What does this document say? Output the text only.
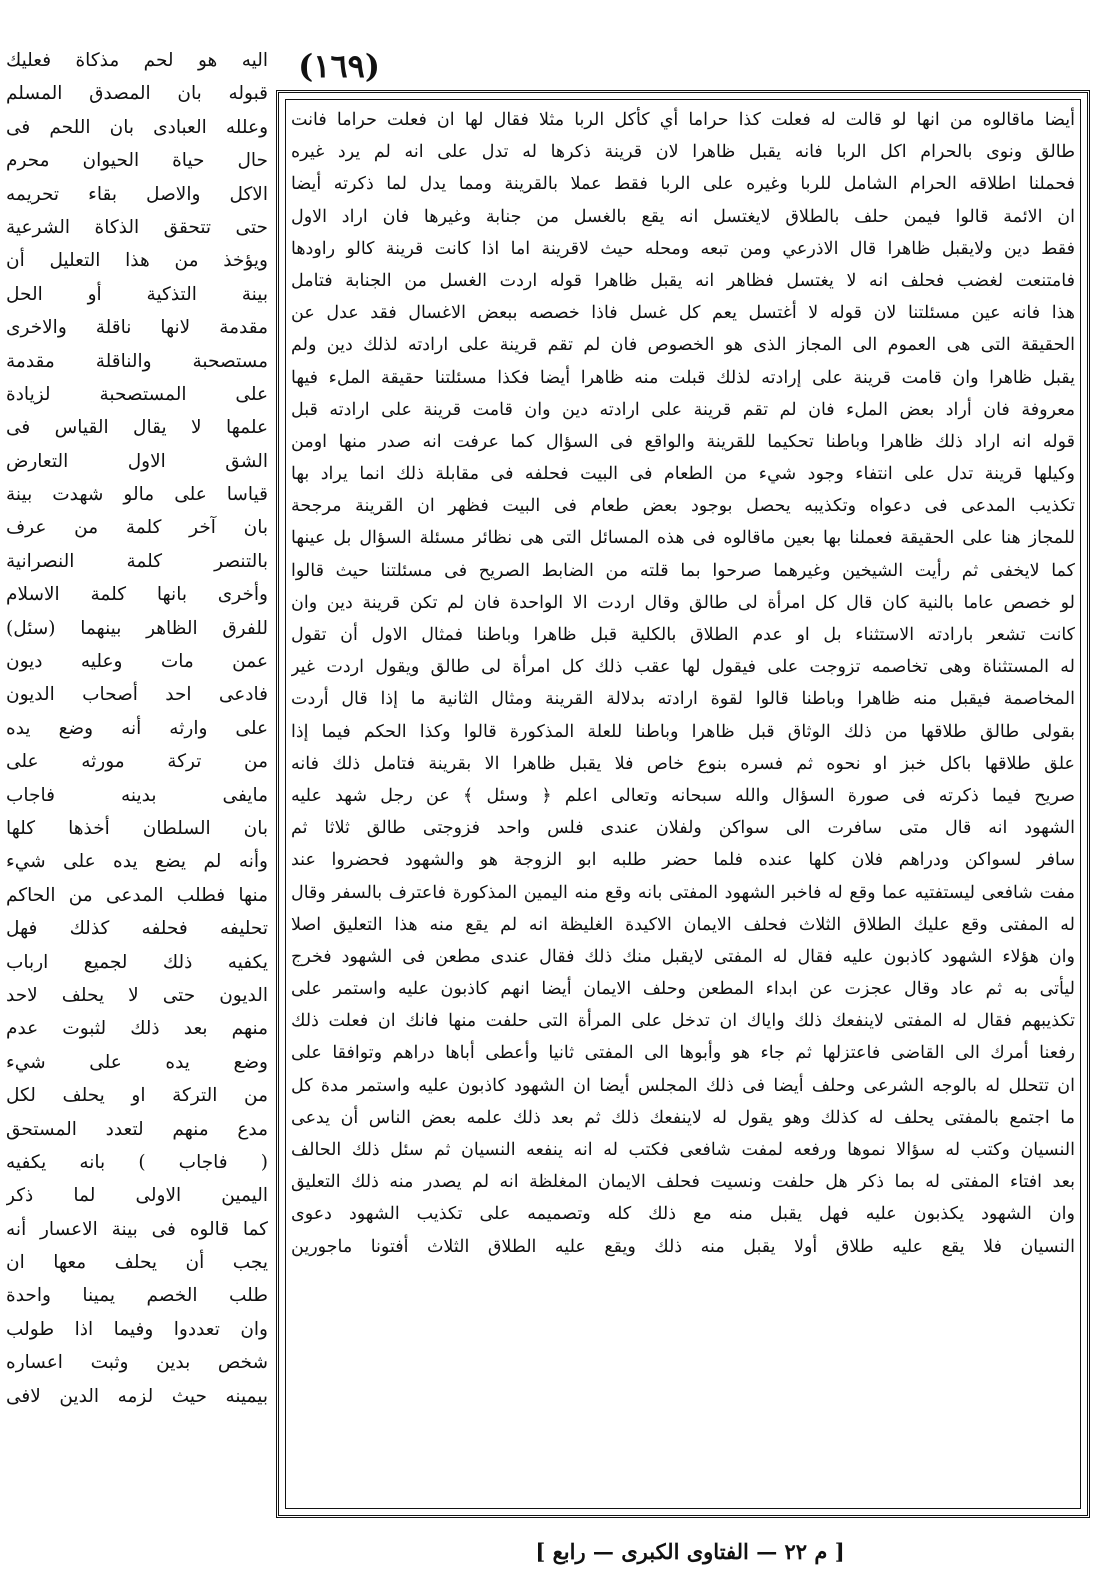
(١٦٩)
أيضا ماقالوه من انها لو قالت له فعلت كذا حراما أي كأكل الربا مثلا فقال لها ان فعلت حراما فانت
طالق ونوى بالحرام اكل الربا فانه يقبل ظاهرا لان قرينة ذكرها له تدل على انه لم يرد غيره
فحملنا اطلاقه الحرام الشامل للربا وغيره على الربا فقط عملا بالقرينة ومما يدل لما ذكرته أيضا
ان الائمة قالوا فيمن حلف بالطلاق لايغتسل انه يقع بالغسل من جنابة وغيرها فان اراد الاول
فقط دين ولايقبل ظاهرا قال الاذرعي ومن تبعه ومحله حيث لاقرينة اما اذا كانت قرينة كالو راودها
فامتنعت لغضب فحلف انه لا يغتسل فظاهر انه يقبل ظاهرا قوله اردت الغسل من الجنابة فتامل
هذا فانه عين مسئلتنا لان قوله لا أغتسل يعم كل غسل فاذا خصصه ببعض الاغسال فقد عدل عن
الحقيقة التى هى العموم الى المجاز الذى هو الخصوص فان لم تقم قرينة على ارادته لذلك دين ولم
يقبل ظاهرا وان قامت قرينة على إرادته لذلك قبلت منه ظاهرا أيضا فكذا مسئلتنا حقيقة الملء فيها
معروفة فان أراد بعض الملء فان لم تقم قرينة على ارادته دين وان قامت قرينة على ارادته قبل
قوله انه اراد ذلك ظاهرا وباطنا تحكيما للقرينة والواقع فى السؤال كما عرفت انه صدر منها اومن
وكيلها قرينة تدل على انتفاء وجود شيء من الطعام فى البيت فحلفه فى مقابلة ذلك انما يراد بها
تكذيب المدعى فى دعواه وتكذيبه يحصل بوجود بعض طعام فى البيت فظهر ان القرينة مرجحة
للمجاز هنا على الحقيقة فعملنا بها بعين ماقالوه فى هذه المسائل التى هى نظائر مسئلة السؤال بل عينها
كما لايخفى ثم رأيت الشيخين وغيرهما صرحوا بما قلته من الضابط الصريح فى مسئلتنا حيث قالوا
لو خصص عاما بالنية كان قال كل امرأة لى طالق وقال اردت الا الواحدة فان لم تكن قرينة دين وان
كانت تشعر بارادته الاستثناء بل او عدم الطلاق بالكلية قبل ظاهرا وباطنا فمثال الاول أن تقول
له المستثناة وهى تخاصمه تزوجت على فيقول لها عقب ذلك كل امرأة لى طالق ويقول اردت غير
المخاصمة فيقبل منه ظاهرا وباطنا قالوا لقوة ارادته بدلالة القرينة ومثال الثانية ما إذا قال أردت
بقولى طالق طلاقها من ذلك الوثاق قبل ظاهرا وباطنا للعلة المذكورة قالوا وكذا الحكم فيما إذا
علق طلاقها باكل خبز او نحوه ثم فسره بنوع خاص فلا يقبل ظاهرا الا بقرينة فتامل ذلك فانه
صريح فيما ذكرته فى صورة السؤال والله سبحانه وتعالى اعلم ﴿ وسئل ﴾ عن رجل شهد عليه
الشهود انه قال متى سافرت الى سواكن ولفلان عندى فلس واحد فزوجتى طالق ثلاثا ثم
سافر لسواكن ودراهم فلان كلها عنده فلما حضر طلبه ابو الزوجة هو والشهود فحضروا عند
مفت شافعى ليستفتيه عما وقع له فاخبر الشهود المفتى بانه وقع منه اليمين المذكورة فاعترف بالسفر وقال
له المفتى وقع عليك الطلاق الثلاث فحلف الايمان الاكيدة الغليظة انه لم يقع منه هذا التعليق اصلا
وان هؤلاء الشهود كاذبون عليه فقال له المفتى لايقبل منك ذلك فقال عندى مطعن فى الشهود فخرج
ليأتى به ثم عاد وقال عجزت عن ابداء المطعن وحلف الايمان أيضا انهم كاذبون عليه واستمر على
تكذيبهم فقال له المفتى لاينفعك ذلك واياك ان تدخل على المرأة التى حلفت منها فانك ان فعلت ذلك
رفعنا أمرك الى القاضى فاعتزلها ثم جاء هو وأبوها الى المفتى ثانيا وأعطى أباها دراهم وتوافقا على
ان تتحلل له بالوجه الشرعى وحلف أيضا فى ذلك المجلس أيضا ان الشهود كاذبون عليه واستمر مدة كل
ما اجتمع بالمفتى يحلف له كذلك وهو يقول له لاينفعك ذلك ثم بعد ذلك علمه بعض الناس أن يدعى
النسيان وكتب له سؤالا نموها ورفعه لمفت شافعى فكتب له انه ينفعه النسيان ثم سئل ذلك الحالف
بعد افتاء المفتى له بما ذكر هل حلفت ونسيت فحلف الايمان المغلظة انه لم يصدر منه ذلك التعليق
وان الشهود يكذبون عليه فهل يقبل منه مع ذلك كله وتصميمه على تكذيب الشهود دعوى
النسيان فلا يقع عليه طلاق أولا يقبل منه ذلك ويقع عليه الطلاق الثلاث أفتونا ماجورين
اليه هو لحم مذكاة فعليك
قبوله بان المصدق المسلم
وعلله العبادى بان اللحم فى
حال حياة الحيوان محرم
الاكل والاصل بقاء تحريمه
حتى تتحقق الذكاة الشرعية
ويؤخذ من هذا التعليل أن
بينة التذكية أو الحل
مقدمة لانها ناقلة والاخرى
مستصحبة والناقلة مقدمة
على المستصحبة لزيادة
علمها لا يقال القياس فى
الشق الاول التعارض
قياسا على مالو شهدت بينة
بان آخر كلمة من عرف
بالتنصر كلمة النصرانية
وأخرى بانها كلمة الاسلام
للفرق الظاهر بينهما (سئل)
عمن مات وعليه ديون
فادعى احد أصحاب الديون
على وارثه أنه وضع يده
من تركة مورثه على
مايفى بدينه فاجاب
بان السلطان أخذها كلها
وأنه لم يضع يده على شيء
منها فطلب المدعى من الحاكم
تحليفه فحلفه كذلك فهل
يكفيه ذلك لجميع ارباب
الديون حتى لا يحلف لاحد
منهم بعد ذلك لثبوت عدم
وضع يده على شيء
من التركة او يحلف لكل
مدع منهم لتعدد المستحق
( فاجاب ) بانه يكفيه
اليمين الاولى لما ذكر
كما قالوه فى بينة الاعسار أنه
يجب أن يحلف معها ان
طلب الخصم يمينا واحدة
وان تعددوا وفيما اذا طولب
شخص بدين وثبت اعساره
بيمينه حيث لزمه الدين لافى
[ م ٢٢ — الفتاوى الكبرى — رابع ]
